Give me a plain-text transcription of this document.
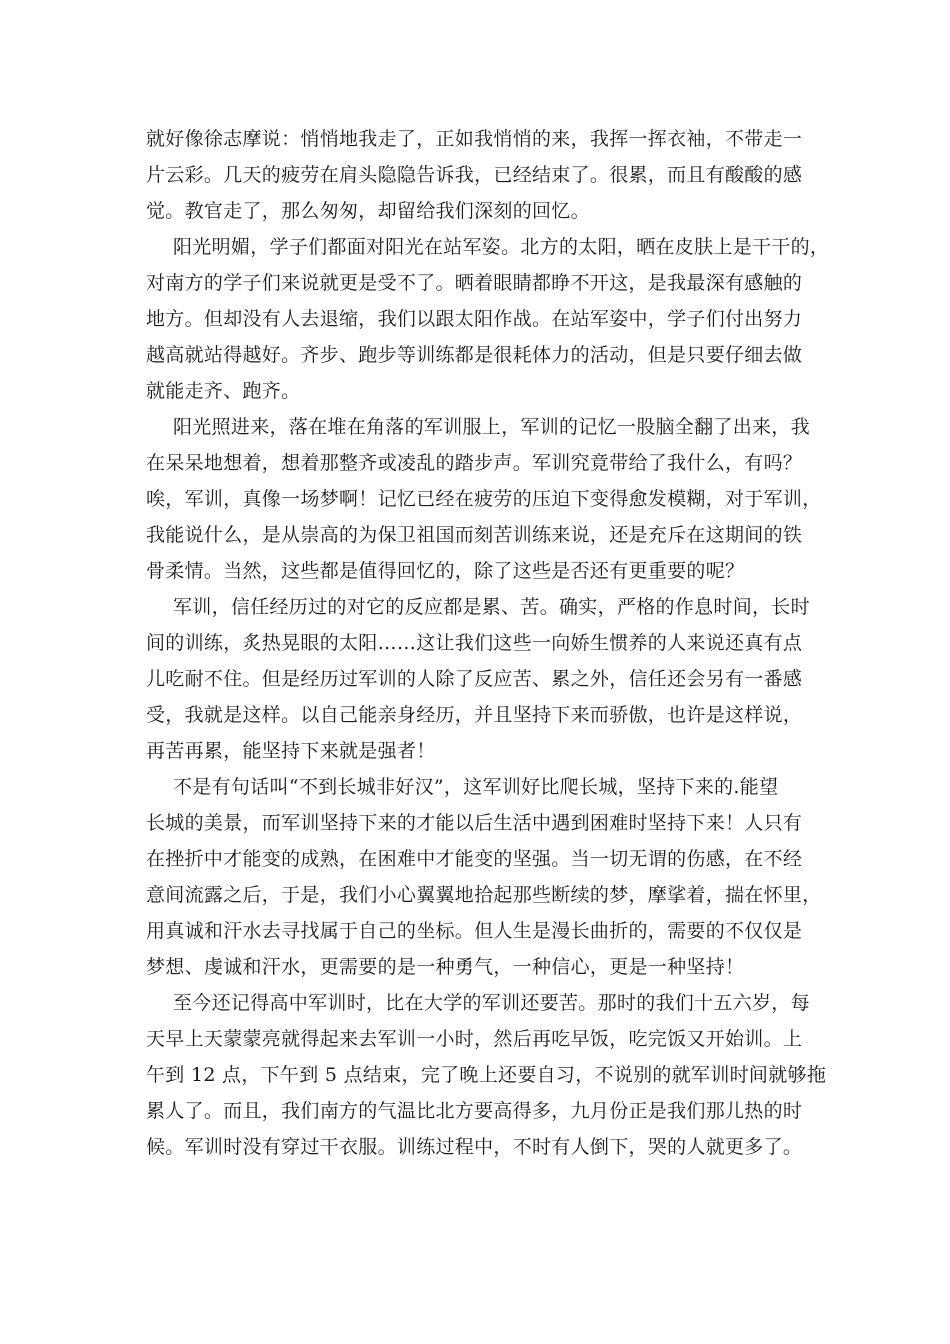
就好像徐志摩说：悄悄地我走了，正如我悄悄的来，我挥一挥衣袖，不带走一
片云彩。几天的疲劳在肩头隐隐告诉我，已经结束了。很累，而且有酸酸的感
觉。教官走了，那么匆匆，却留给我们深刻的回忆。
阳光明媚，学子们都面对阳光在站军姿。北方的太阳，晒在皮肤上是干干的，
对南方的学子们来说就更是受不了。晒着眼睛都睁不开这，是我最深有感触的
地方。但却没有人去退缩，我们以跟太阳作战。在站军姿中，学子们付出努力
越高就站得越好。齐步、跑步等训练都是很耗体力的活动，但是只要仔细去做
就能走齐、跑齐。
阳光照进来，落在堆在角落的军训服上，军训的记忆一股脑全翻了出来，我
在呆呆地想着，想着那整齐或凌乱的踏步声。军训究竟带给了我什么，有吗？
唉，军训，真像一场梦啊！记忆已经在疲劳的压迫下变得愈发模糊，对于军训，
我能说什么，是从崇高的为保卫祖国而刻苦训练来说，还是充斥在这期间的铁
骨柔情。当然，这些都是值得回忆的，除了这些是否还有更重要的呢？
军训，信任经历过的对它的反应都是累、苦。确实，严格的作息时间，长时
间的训练，炙热晃眼的太阳……这让我们这些一向娇生惯养的人来说还真有点
儿吃耐不住。但是经历过军训的人除了反应苦、累之外，信任还会另有一番感
受，我就是这样。以自己能亲身经历，并且坚持下来而骄傲，也许是这样说，
再苦再累，能坚持下来就是强者！
不是有句话叫“不到长城非好汉”，这军训好比爬长城，坚持下来的.能望
长城的美景，而军训坚持下来的才能以后生活中遇到困难时坚持下来！人只有
在挫折中才能变的成熟，在困难中才能变的坚强。当一切无谓的伤感，在不经
意间流露之后，于是，我们小心翼翼地拾起那些断续的梦，摩挲着，揣在怀里，
用真诚和汗水去寻找属于自己的坐标。但人生是漫长曲折的，需要的不仅仅是
梦想、虔诚和汗水，更需要的是一种勇气，一种信心，更是一种坚持！
至今还记得高中军训时，比在大学的军训还要苦。那时的我们十五六岁，每
天早上天蒙蒙亮就得起来去军训一小时，然后再吃早饭，吃完饭又开始训。上
午到 12 点，下午到 5 点结束，完了晚上还要自习，不说别的就军训时间就够拖
累人了。而且，我们南方的气温比北方要高得多，九月份正是我们那儿热的时
候。军训时没有穿过干衣服。训练过程中，不时有人倒下，哭的人就更多了。
